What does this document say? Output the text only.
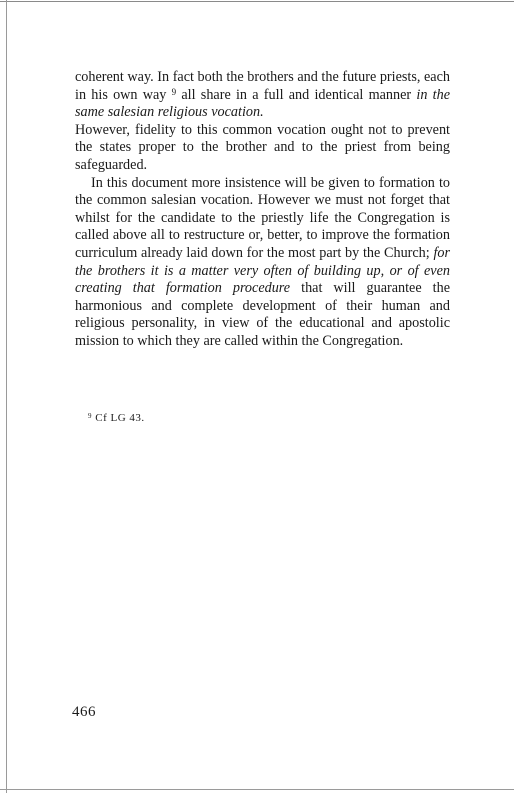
coherent way. In fact both the brothers and the future priests, each in his own way $^9$ all share in a full and identical manner in the same salesian religious vocation.

However, fidelity to this common vocation ought not to prevent the states proper to the brother and to the priest from being safeguarded.

In this document more insistence will be given to formation to the common salesian vocation. However we must not forget that whilst for the candidate to the priestly life the Congregation is called above all to restructure or, better, to improve the formation curriculum already laid down for the most part by the Church; for the brothers it is a matter very often of building up, or of even creating that formation procedure that will guarantee the harmonious and complete development of their human and religious personality, in view of the educational and apostolic mission to which they are called within the Congregation.

$^9$ Cf LG 43.
466
